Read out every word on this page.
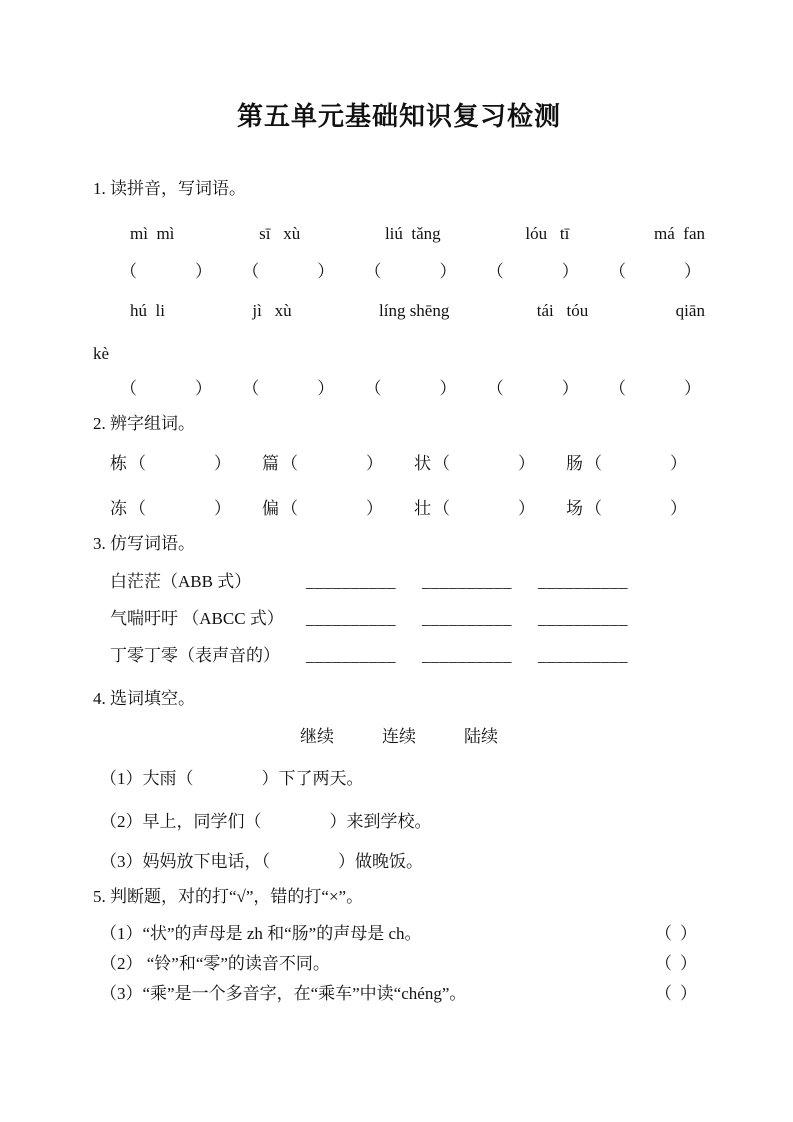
第五单元基础知识复习检测
1. 读拼音，写词语。
mì  mì	sī   xù	liú  tǎng	lóu   tī	má  fan
（	） （	） （	） （	） （	）
hú  li	jì   xù	líng shēng	tái   tóu	qiān
kè
（	） （	） （	） （	） （	）
2. 辨字组词。
栋 （	） 篇 （	） 状 （	） 肠 （	）
冻 （	） 偏 （	） 壮 （	） 场 （	）
3. 仿写词语。
白茫茫（ABB 式）	__________ __________ __________
气喘吁吁 （ABCC 式）	__________ __________ __________
丁零丁零（表声音的）	__________ __________ __________
4. 选词填空。
继续	连续	陆续
（1）大雨（　　　　）下了两天。
（2）早上，同学们（　　　　）来到学校。
（3）妈妈放下电话，（　　　　）做晚饭。
5. 判断题，对的打“√”，错的打“×”。
（1）“状”的声母是 zh 和“肠”的声母是 ch。	（ ）
（2） “铃”和“零”的读音不同。	（ ）
（3）“乘”是一个多音字，在“乘车”中读“chéng”。	（ ）
